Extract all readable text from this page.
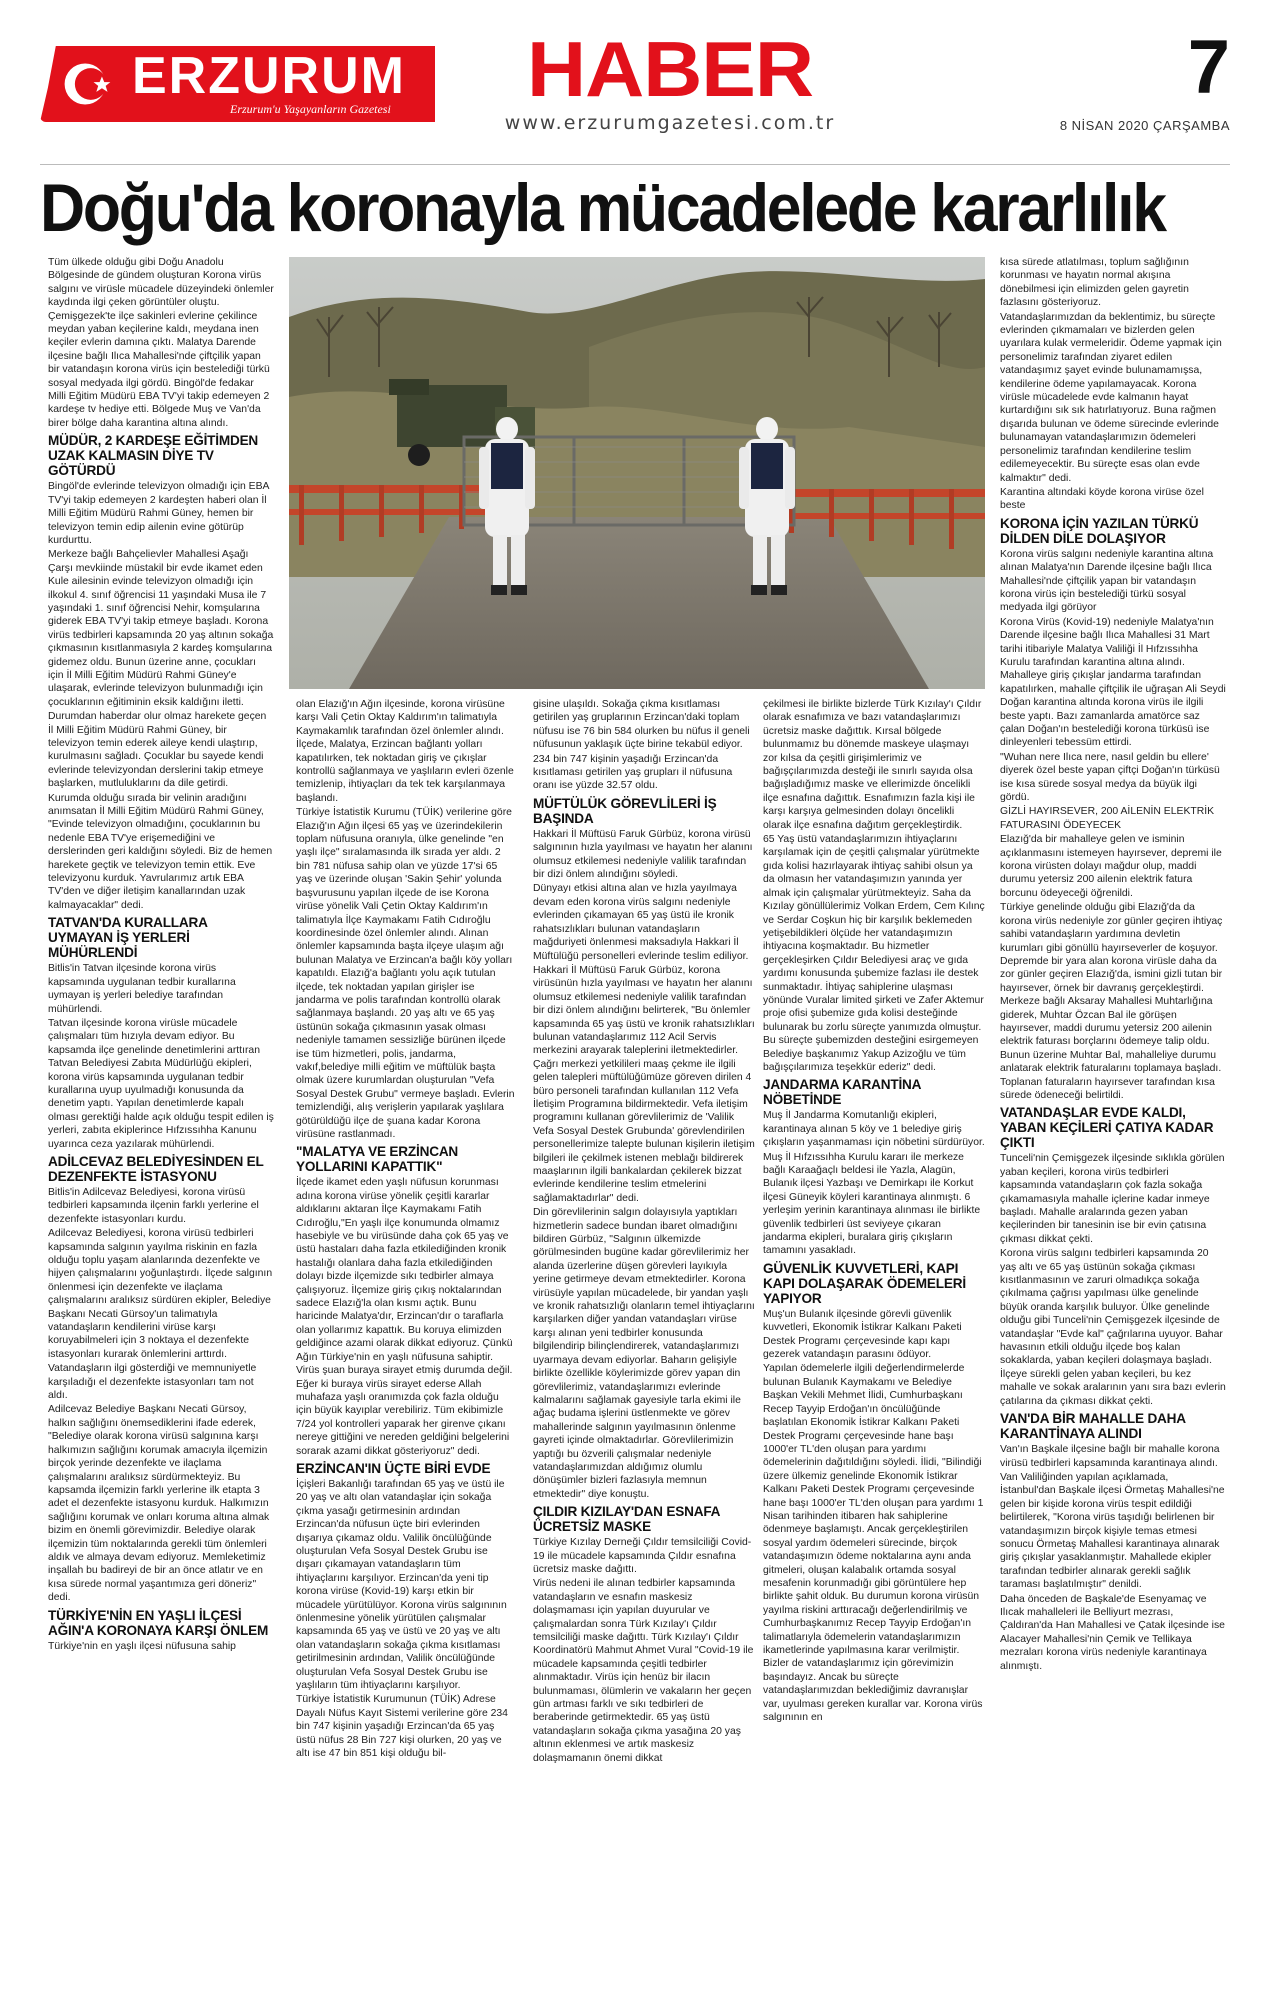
ERZURUM
Erzurum'u Yaşayanların Gazetesi HABER
www.erzurumgazetesi.com.tr
7
8 NİSAN 2020 ÇARŞAMBA
Doğu'da koronayla mücadelede kararlılık

Tüm ülkede olduğu gibi Doğu Anadolu Bölgesinde de gündem oluşturan Korona virüs salgını ve virüsle mücadele düzeyindeki önlemler kaydında ilgi çeken görüntüler oluştu. Çemişgezek'te ilçe sakinleri evlerine çekilince meydan yaban keçilerine kaldı, meydana inen keçiler evlerin damına çıktı. Malatya Darende ilçesine bağlı Ilıca Mahallesi'nde çiftçilik yapan bir vatandaşın korona virüs için bestelediği türkü sosyal medyada ilgi gördü. Bingöl'de fedakar Milli Eğitim Müdürü EBA TV'yi takip edemeyen 2 kardeşe tv hediye etti. Bölgede Muş ve Van'da birer bölge daha karantina altına alındı.

MÜDÜR, 2 KARDEŞE EĞİTİMDEN UZAK KALMASIN DİYE TV GÖTÜRDÜ

Bingöl'de evlerinde televizyon olmadığı için EBA TV'yi takip edemeyen 2 kardeşten haberi olan İl Milli Eğitim Müdürü Rahmi Güney, hemen bir televizyon temin edip ailenin evine götürüp kurdurttu.

Merkeze bağlı Bahçelievler Mahallesi Aşağı Çarşı mevkiinde müstakil bir evde ikamet eden Kule ailesinin evinde televizyon olmadığı için ilkokul 4. sınıf öğrencisi 11 yaşındaki Musa ile 7 yaşındaki 1. sınıf öğrencisi Nehir, komşularına giderek EBA TV'yi takip etmeye başladı. Korona virüs tedbirleri kapsamında 20 yaş altının sokağa çıkmasının kısıtlanmasıyla 2 kardeş komşularına gidemez oldu. Bunun üzerine anne, çocukları için İl Milli Eğitim Müdürü Rahmi Güney'e ulaşarak, evlerinde televizyon bulunmadığı için çocuklarının eğitiminin eksik kaldığını iletti.

Durumdan haberdar olur olmaz harekete geçen İl Milli Eğitim Müdürü Rahmi Güney, bir televizyon temin ederek aileye kendi ulaştırıp, kurulmasını sağladı. Çocuklar bu sayede kendi evlerinde televizyondan derslerini takip etmeye başlarken, mutluluklarını da dile getirdi.

Kurumda olduğu sırada bir velinin aradığını anımsatan İl Milli Eğitim Müdürü Rahmi Güney, "Evinde televizyon olmadığını, çocuklarının bu nedenle EBA TV'ye erişemediğini ve derslerinden geri kaldığını söyledi. Biz de hemen harekete geçtik ve televizyon temin ettik. Eve televizyonu kurduk. Yavrularımız artık EBA TV'den ve diğer iletişim kanallarından uzak kalmayacaklar" dedi.

TATVAN'DA KURALLARA UYMAYAN İŞ YERLERİ MÜHÜRLENDİ

Bitlis'in Tatvan ilçesinde korona virüs kapsamında uygulanan tedbir kurallarına uymayan iş yerleri belediye tarafından mühürlendi.

Tatvan ilçesinde korona virüsle mücadele çalışmaları tüm hızıyla devam ediyor. Bu kapsamda ilçe genelinde denetimlerini arttıran Tatvan Belediyesi Zabıta Müdürlüğü ekipleri, korona virüs kapsamında uygulanan tedbir kurallarına uyup uyulmadığı konusunda da denetim yaptı. Yapılan denetimlerde kapalı olması gerektiği halde açık olduğu tespit edilen iş yerleri, zabıta ekiplerince Hıfzıssıhha Kanunu uyarınca ceza yazılarak mühürlendi.

ADİLCEVAZ BELEDİYESİNDEN EL DEZENFEKTE İSTASYONU

Bitlis'in Adilcevaz Belediyesi, korona virüsü tedbirleri kapsamında ilçenin farklı yerlerine el dezenfekte istasyonları kurdu.

Adilcevaz Belediyesi, korona virüsü tedbirleri kapsamında salgının yayılma riskinin en fazla olduğu toplu yaşam alanlarında dezenfekte ve hijyen çalışmalarını yoğunlaştırdı. İlçede salgının önlenmesi için dezenfekte ve ilaçlama çalışmalarını aralıksız sürdüren ekipler, Belediye Başkanı Necati Gürsoy'un talimatıyla vatandaşların kendilerini virüse karşı koruyabilmeleri için 3 noktaya el dezenfekte istasyonları kurarak önlemlerini arttırdı.

Vatandaşların ilgi gösterdiği ve memnuniyetle karşıladığı el dezenfekte istasyonları tam not aldı.

Adilcevaz Belediye Başkanı Necati Gürsoy, halkın sağlığını önemsediklerini ifade ederek, "Belediye olarak korona virüsü salgınına karşı halkımızın sağlığını korumak amacıyla ilçemizin birçok yerinde dezenfekte ve ilaçlama çalışmalarını aralıksız sürdürmekteyiz. Bu kapsamda ilçemizin farklı yerlerine ilk etapta 3 adet el dezenfekte istasyonu kurduk. Halkımızın sağlığını korumak ve onları koruma altına almak bizim en önemli görevimizdir. Belediye olarak ilçemizin tüm noktalarında gerekli tüm önlemleri aldık ve almaya devam ediyoruz. Memleketimiz inşallah bu badireyi de bir an önce atlatır ve en kısa sürede normal yaşantımıza geri döneriz" dedi.

TÜRKİYE'NİN EN YAŞLI İLÇESİ AĞIN'A KORONAYA KARŞI ÖNLEM

Türkiye'nin en yaşlı ilçesi nüfusuna sahip

olan Elazığ'ın Ağın ilçesinde, korona virüsüne karşı Vali Çetin Oktay Kaldırım'ın talimatıyla Kaymakamlık tarafından özel önlemler alındı. İlçede, Malatya, Erzincan bağlantı yolları kapatılırken, tek noktadan giriş ve çıkışlar kontrollü sağlanmaya ve yaşlıların evleri özenle temizlenip, ihtiyaçları da tek tek karşılanmaya başlandı.

Türkiye İstatistik Kurumu (TÜİK) verilerine göre Elazığ'ın Ağın ilçesi 65 yaş ve üzerindekilerin toplam nüfusuna oranıyla, ülke genelinde "en yaşlı ilçe" sıralamasında ilk sırada yer aldı. 2 bin 781 nüfusa sahip olan ve yüzde 17'si 65 yaş ve üzerinde oluşan 'Sakin Şehir' yolunda başvurusunu yapılan ilçede de ise Korona virüse yönelik Vali Çetin Oktay Kaldırım'ın talimatıyla İlçe Kaymakamı Fatih Cıdıroğlu koordinesinde özel önlemler alındı. Alınan önlemler kapsamında başta ilçeye ulaşım ağı bulunan Malatya ve Erzincan'a bağlı köy yolları kapatıldı. Elazığ'a bağlantı yolu açık tutulan ilçede, tek noktadan yapılan girişler ise jandarma ve polis tarafından kontrollü olarak sağlanmaya başlandı. 20 yaş altı ve 65 yaş üstünün sokağa çıkmasının yasak olması nedeniyle tamamen sessizliğe bürünen ilçede ise tüm hizmetleri, polis, jandarma, vakıf,belediye milli eğitim ve müftülük başta olmak üzere kurumlardan oluşturulan "Vefa Sosyal Destek Grubu" vermeye başladı. Evlerin temizlendiği, alış verişlerin yapılarak yaşlılara götürüldüğü ilçe de şuana kadar Korona virüsüne rastlanmadı.

"MALATYA VE ERZİNCAN YOLLARINI KAPATTIK"

İlçede ikamet eden yaşlı nüfusun korunması adına korona virüse yönelik çeşitli kararlar aldıklarını aktaran İlçe Kaymakamı Fatih Cıdıroğlu,"En yaşlı ilçe konumunda olmamız hasebiyle ve bu virüsünde daha çok 65 yaş ve üstü hastaları daha fazla etkilediğinden kronik hastalığı olanlara daha fazla etkilediğinden dolayı bizde ilçemizde sıkı tedbirler almaya çalışıyoruz. İlçemize giriş çıkış noktalarından sadece Elazığ'la olan kısmı açtık. Bunu haricinde Malatya'dır, Erzincan'dır o taraflarla olan yollarımız kapattık. Bu koruya elimizden geldiğince azami olarak dikkat ediyoruz. Çünkü Ağın Türkiye'nin en yaşlı nüfusuna sahiptir. Virüs şuan buraya sirayet etmiş durumda değil. Eğer ki buraya virüs sirayet ederse Allah muhafaza yaşlı oranımızda çok fazla olduğu için büyük kayıplar verebiliriz. Tüm ekibimizle 7/24 yol kontrolleri yaparak her girenve çıkanı nereye gittiğini ve nereden geldiğini belgelerini sorarak azami dikkat gösteriyoruz" dedi.

ERZİNCAN'IN ÜÇTE BİRİ EVDE

İçişleri Bakanlığı tarafından 65 yaş ve üstü ile 20 yaş ve altı olan vatandaşlar için sokağa çıkma yasağı getirmesinin ardından Erzincan'da nüfusun üçte biri evlerinden dışarıya çıkamaz oldu. Valilik öncülüğünde oluşturulan Vefa Sosyal Destek Grubu ise dışarı çıkamayan vatandaşların tüm ihtiyaçlarını karşılıyor. Erzincan'da yeni tip korona virüse (Kovid-19) karşı etkin bir mücadele yürütülüyor. Korona virüs salgınının önlenmesine yönelik yürütülen çalışmalar kapsamında 65 yaş ve üstü ve 20 yaş ve altı olan vatandaşların sokağa çıkma kısıtlaması getirilmesinin ardından, Valilik öncülüğünde oluşturulan Vefa Sosyal Destek Grubu ise yaşlıların tüm ihtiyaçlarını karşılıyor.

Türkiye İstatistik Kurumunun (TÜİK) Adrese Dayalı Nüfus Kayıt Sistemi verilerine göre 234 bin 747 kişinin yaşadığı Erzincan'da 65 yaş üstü nüfus 28 Bin 727 kişi olurken, 20 yaş ve altı ise 47 bin 851 kişi olduğu bil-

gisine ulaşıldı. Sokağa çıkma kısıtlaması getirilen yaş gruplarının Erzincan'daki toplam nüfusu ise 76 bin 584 olurken bu nüfus il geneli nüfusunun yaklaşık üçte birine tekabül ediyor.

234 bin 747 kişinin yaşadığı Erzincan'da kısıtlaması getirilen yaş grupları il nüfusuna oranı ise yüzde 32.57 oldu.

MÜFTÜLÜK GÖREVLİLERİ İŞ BAŞINDA

Hakkari İl Müftüsü Faruk Gürbüz, korona virüsü salgınının hızla yayılması ve hayatın her alanını olumsuz etkilemesi nedeniyle valilik tarafından bir dizi önlem alındığını söyledi.

Dünyayı etkisi altına alan ve hızla yayılmaya devam eden korona virüs salgını nedeniyle evlerinden çıkamayan 65 yaş üstü ile kronik rahatsızlıkları bulunan vatandaşların mağduriyeti önlenmesi maksadıyla Hakkari İl Müftülüğü personelleri evlerinde teslim ediliyor.

Hakkari İl Müftüsü Faruk Gürbüz, korona virüsünün hızla yayılması ve hayatın her alanını olumsuz etkilemesi nedeniyle valilik tarafından bir dizi önlem alındığını belirterek, "Bu önlemler kapsamında 65 yaş üstü ve kronik rahatsızlıkları bulunan vatandaşlarımız 112 Acil Servis merkezini arayarak taleplerini iletmektedirler. Çağrı merkezi yetkilileri maaş çekme ile ilgili gelen talepleri müftülüğümüze göreven dirilen 4 büro personeli tarafından kullanılan 112 Vefa İletişim Programına bildirmektedir. Vefa iletişim programını kullanan görevlilerimiz de 'Valilik Vefa Sosyal Destek Grubunda' görevlendirilen personellerimize talepte bulunan kişilerin iletişim bilgileri ile çekilmek istenen meblağı bildirerek maaşlarının ilgili bankalardan çekilerek bizzat evlerinde kendilerine teslim etmelerini sağlamaktadırlar" dedi.

Din görevlilerinin salgın dolayısıyla yaptıkları hizmetlerin sadece bundan ibaret olmadığını bildiren Gürbüz, "Salgının ülkemizde görülmesinden bugüne kadar görevlilerimiz her alanda üzerlerine düşen görevleri layıkıyla yerine getirmeye devam etmektedirler. Korona virüsüyle yapılan mücadelede, bir yandan yaşlı ve kronik rahatsızlığı olanların temel ihtiyaçlarını karşılarken diğer yandan vatandaşları virüse karşı alınan yeni tedbirler konusunda bilgilendirip bilinçlendirerek, vatandaşlarımızı uyarmaya devam ediyorlar. Baharın gelişiyle birlikte özellikle köylerimizde görev yapan din görevlilerimiz, vatandaşlarımızı evlerinde kalmalarını sağlamak gayesiyle tarla ekimi ile ağaç budama işlerini üstlenmekte ve görev mahallerinde salgının yayılmasının önlenme gayreti içinde olmaktadırlar. Görevlilerimizin yaptığı bu özverili çalışmalar nedeniyle vatandaşlarımızdan aldığımız olumlu dönüşümler bizleri fazlasıyla memnun etmektedir" diye konuştu.

ÇILDIR KIZILAY'DAN ESNAFA ÜCRETSİZ MASKE

Türkiye Kızılay Derneği Çıldır temsilciliği Covid-19 ile mücadele kapsamında Çıldır esnafına ücretsiz maske dağıttı.

Virüs nedeni ile alınan tedbirler kapsamında vatandaşların ve esnafın maskesiz dolaşmaması için yapılan duyurular ve çalışmalardan sonra Türk Kızılay'ı Çıldır temsilciliği maske dağıttı. Türk Kızılay'ı Çıldır Koordinatörü Mahmut Ahmet Vural "Covid-19 ile mücadele kapsamında çeşitli tedbirler alınmaktadır. Virüs için henüz bir ilacın bulunmaması, ölümlerin ve vakaların her geçen gün artması farklı ve sıkı tedbirleri de beraberinde getirmektedir. 65 yaş üstü vatandaşların sokağa çıkma yasağına 20 yaş altının eklenmesi ve artık maskesiz dolaşmamanın önemi dikkat

çekilmesi ile birlikte bizlerde Türk Kızılay'ı Çıldır olarak esnafımıza ve bazı vatandaşlarımızı ücretsiz maske dağıttık. Kırsal bölgede bulunmamız bu dönemde maskeye ulaşmayı zor kılsa da çeşitli girişimlerimiz ve bağışçılarımızda desteği ile sınırlı sayıda olsa bağışladığımız maske ve ellerimizde öncelikli ilçe esnafına dağıttık. Esnafımızın fazla kişi ile karşı karşıya gelmesinden dolayı öncelikli olarak ilçe esnafına dağıtım gerçekleştirdik.

65 Yaş üstü vatandaşlarımızın ihtiyaçlarını karşılamak için de çeşitli çalışmalar yürütmekte gıda kolisi hazırlayarak ihtiyaç sahibi olsun ya da olmasın her vatandaşımızın yanında yer almak için çalışmalar yürütmekteyiz. Saha da Kızılay gönüllülerimiz Volkan Erdem, Cem Kılınç ve Serdar Coşkun hiç bir karşılık beklemeden yetişebildikleri ölçüde her vatandaşımızın ihtiyacına koşmaktadır. Bu hizmetler gerçekleşirken Çıldır Belediyesi araç ve gıda yardımı konusunda şubemize fazlası ile destek sunmaktadır. İhtiyaç sahiplerine ulaşması yönünde Vuralar limited şirketi ve Zafer Aktemur proje ofisi şubemize gıda kolisi desteğinde bulunarak bu zorlu süreçte yanımızda olmuştur. Bu süreçte şubemizden desteğini esirgemeyen Belediye başkanımız Yakup Azizoğlu ve tüm bağışçılarımıza teşekkür ederiz" dedi.

JANDARMA KARANTİNA NÖBETİNDE

Muş İl Jandarma Komutanlığı ekipleri, karantinaya alınan 5 köy ve 1 belediye giriş çıkışların yaşanmaması için nöbetini sürdürüyor.

Muş İl Hıfzıssıhha Kurulu kararı ile merkeze bağlı Karaağaçlı beldesi ile Yazla, Alagün, Bulanık ilçesi Yazbaşı ve Demirkapı ile Korkut ilçesi Güneyik köyleri karantinaya alınmıştı. 6 yerleşim yerinin karantinaya alınması ile birlikte güvenlik tedbirleri üst seviyeye çıkaran jandarma ekipleri, buralara giriş çıkışların tamamını yasakladı.

GÜVENLİK KUVVETLERİ, KAPI KAPI DOLAŞARAK ÖDEMELERİ YAPIYOR

Muş'un Bulanık ilçesinde görevli güvenlik kuvvetleri, Ekonomik İstikrar Kalkanı Paketi Destek Programı çerçevesinde kapı kapı gezerek vatandaşın parasını ödüyor.

Yapılan ödemelerle ilgili değerlendirmelerde bulunan Bulanık Kaymakamı ve Belediye Başkan Vekili Mehmet İlidi, Cumhurbaşkanı Recep Tayyip Erdoğan'ın öncülüğünde başlatılan Ekonomik İstikrar Kalkanı Paketi Destek Programı çerçevesinde hane başı 1000'er TL'den oluşan para yardımı ödemelerinin dağıtıldığını söyledi. İlidi, "Bilindiği üzere ülkemiz genelinde Ekonomik İstikrar Kalkanı Paketi Destek Programı çerçevesinde hane başı 1000'er TL'den oluşan para yardımı 1 Nisan tarihinden itibaren hak sahiplerine ödenmeye başlamıştı. Ancak gerçekleştirilen sosyal yardım ödemeleri sürecinde, birçok vatandaşımızın ödeme noktalarına aynı anda gitmeleri, oluşan kalabalık ortamda sosyal mesafenin korunmadığı gibi görüntülere hep birlikte şahit olduk. Bu durumun korona virüsün yayılma riskini arttıracağı değerlendirilmiş ve Cumhurbaşkanımız Recep Tayyip Erdoğan'ın talimatlarıyla ödemelerin vatandaşlarımızın ikametlerinde yapılmasına karar verilmiştir. Bizler de vatandaşlarımız için görevimizin başındayız. Ancak bu süreçte vatandaşlarımızdan beklediğimiz davranışlar var, uyulması gereken kurallar var. Korona virüs salgınının en

kısa sürede atlatılması, toplum sağlığının korunması ve hayatın normal akışına dönebilmesi için elimizden gelen gayretin fazlasını gösteriyoruz.

Vatandaşlarımızdan da beklentimiz, bu süreçte evlerinden çıkmamaları ve bizlerden gelen uyarılara kulak vermeleridir. Ödeme yapmak için personelimiz tarafından ziyaret edilen vatandaşımız şayet evinde bulunamamışsa, kendilerine ödeme yapılamayacak. Korona virüsle mücadelede evde kalmanın hayat kurtardığını sık sık hatırlatıyoruz. Buna rağmen dışarıda bulunan ve ödeme sürecinde evlerinde bulunamayan vatandaşlarımızın ödemeleri personelimiz tarafından kendilerine teslim edilemeyecektir. Bu süreçte esas olan evde kalmaktır" dedi.

Karantina altındaki köyde korona virüse özel beste

KORONA İÇİN YAZILAN TÜRKÜ DİLDEN DİLE DOLAŞIYOR

Korona virüs salgını nedeniyle karantina altına alınan Malatya'nın Darende ilçesine bağlı Ilıca Mahallesi'nde çiftçilik yapan bir vatandaşın korona virüs için bestelediği türkü sosyal medyada ilgi görüyor

Korona Virüs (Kovid-19) nedeniyle Malatya'nın Darende ilçesine bağlı Ilıca Mahallesi 31 Mart tarihi itibariyle Malatya Valiliği İl Hıfzıssıhha Kurulu tarafından karantina altına alındı. Mahalleye giriş çıkışlar jandarma tarafından kapatılırken, mahalle çiftçilik ile uğraşan Ali Seydi Doğan karantina altında korona virüs ile ilgili beste yaptı. Bazı zamanlarda amatörce saz çalan Doğan'ın bestelediği korona türküsü ise dinleyenleri tebessüm ettirdi.

"Wuhan nere Ilıca nere, nasıl geldin bu ellere' diyerek özel beste yapan çiftçi Doğan'ın türküsü ise kısa sürede sosyal medya da büyük ilgi gördü.

GİZLİ HAYIRSEVER, 200 AİLENİN ELEKTRİK FATURASINI ÖDEYECEK

Elazığ'da bir mahalleye gelen ve isminin açıklanmasını istemeyen hayırsever, depremi ile korona virüsten dolayı mağdur olup, maddi durumu yetersiz 200 ailenin elektrik fatura borcunu ödeyeceği öğrenildi.

Türkiye genelinde olduğu gibi Elazığ'da da korona virüs nedeniyle zor günler geçiren ihtiyaç sahibi vatandaşların yardımına devletin kurumları gibi gönüllü hayırseverler de koşuyor. Depremde bir yara alan korona virüsle daha da zor günler geçiren Elazığ'da, ismini gizli tutan bir hayırsever, örnek bir davranış gerçekleştirdi. Merkeze bağlı Aksaray Mahallesi Muhtarlığına giderek, Muhtar Özcan Bal ile görüşen hayırsever, maddi durumu yetersiz 200 ailenin elektrik faturası borçlarını ödemeye talip oldu. Bunun üzerine Muhtar Bal, mahalleliye durumu anlatarak elektrik faturalarını toplamaya başladı. Toplanan faturaların hayırsever tarafından kısa sürede ödeneceği belirtildi.

VATANDAŞLAR EVDE KALDI, YABAN KEÇİLERİ ÇATIYA KADAR ÇIKTI

Tunceli'nin Çemişgezek ilçesinde sıklıkla görülen yaban keçileri, korona virüs tedbirleri kapsamında vatandaşların çok fazla sokağa çıkamamasıyla mahalle içlerine kadar inmeye başladı. Mahalle aralarında gezen yaban keçilerinden bir tanesinin ise bir evin çatısına çıkması dikkat çekti.

Korona virüs salgını tedbirleri kapsamında 20 yaş altı ve 65 yaş üstünün sokağa çıkması kısıtlanmasının ve zaruri olmadıkça sokağa çıkılmama çağrısı yapılması ülke genelinde büyük oranda karşılık buluyor. Ülke genelinde olduğu gibi Tunceli'nin Çemişgezek ilçesinde de vatandaşlar "Evde kal" çağrılarına uyuyor. Bahar havasının etkili olduğu ilçede boş kalan sokaklarda, yaban keçileri dolaşmaya başladı. İlçeye sürekli gelen yaban keçileri, bu kez mahalle ve sokak aralarının yanı sıra bazı evlerin çatılarına da çıkması dikkat çekti.

VAN'DA BİR MAHALLE DAHA KARANTİNAYA ALINDI

Van'ın Başkale ilçesine bağlı bir mahalle korona virüsü tedbirleri kapsamında karantinaya alındı.

Van Valiliğinden yapılan açıklamada, İstanbul'dan Başkale ilçesi Örmetaş Mahallesi'ne gelen bir kişide korona virüs tespit edildiği belirtilerek, "Korona virüs taşıdığı belirlenen bir vatandaşımızın birçok kişiyle temas etmesi sonucu Örmetaş Mahallesi karantinaya alınarak giriş çıkışlar yasaklanmıştır. Mahallede ekipler tarafından tedbirler alınarak gerekli sağlık taraması başlatılmıştır" denildi.

Daha önceden de Başkale'de Esenyamaç ve Ilıcak mahalleleri ile Belliyurt mezrası, Çaldıran'da Han Mahallesi ve Çatak ilçesinde ise Alacayer Mahallesi'nin Çemik ve Tellikaya mezraları korona virüs nedeniyle karantinaya alınmıştı.
